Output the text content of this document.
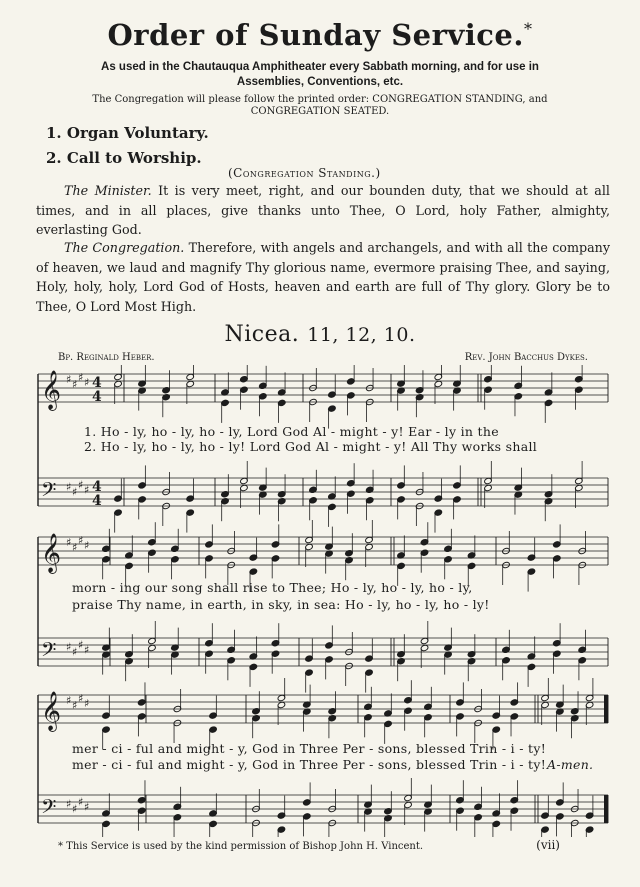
Order of Sunday Service.*
As used in the Chautauqua Amphitheater every Sabbath morning, and for use in Assemblies, Conventions, etc.
The Congregation will please follow the printed order: CONGREGATION STANDING, and CONGREGATION SEATED.
1. Organ Voluntary.
2. Call to Worship.
(Congregation Standing.)
The Minister. It is very meet, right, and our bounden duty, that we should at all times, and in all places, give thanks unto Thee, O Lord, holy Father, almighty, everlasting God.
The Congregation. Therefore, with angels and archangels, and with all the company of heaven, we laud and magnify Thy glorious name, evermore praising Thee, and saying, Holy, holy, holy, Lord God of Hosts, heaven and earth are full of Thy glory. Glory be to Thee, O Lord Most High.
Nicea. 11, 12, 10.
Bp. Reginald Heber.	Rev. John Bacchus Dykes.
𝄞 ♯ ♯
♯ ♯ 4
4
𝄢 ♯ ♯
♯ ♯ 4
4
𝄞 ♯ ♯
♯ ♯
𝄢 ♯ ♯
♯ ♯
𝄞 ♯ ♯
♯ ♯
𝄢 ♯ ♯
♯ ♯
1. Ho - ly, ho - ly, ho - ly, Lord God Al - might - y! Ear - ly in the
2. Ho - ly, ho - ly, ho - ly! Lord God Al - might - y! All Thy works shall
morn - ing our song shall rise to Thee; Ho - ly, ho - ly, ho - ly,
praise Thy name, in earth, in sky, in sea: Ho - ly, ho - ly, ho - ly!
mer - ci - ful and might - y, God in Three Per - sons, blessed Trin - i - ty!
mer - ci - ful and might - y, God in Three Per - sons, blessed Trin - i - ty! A-men.
* This Service is used by the kind permission of Bishop John H. Vincent.	(vii)
